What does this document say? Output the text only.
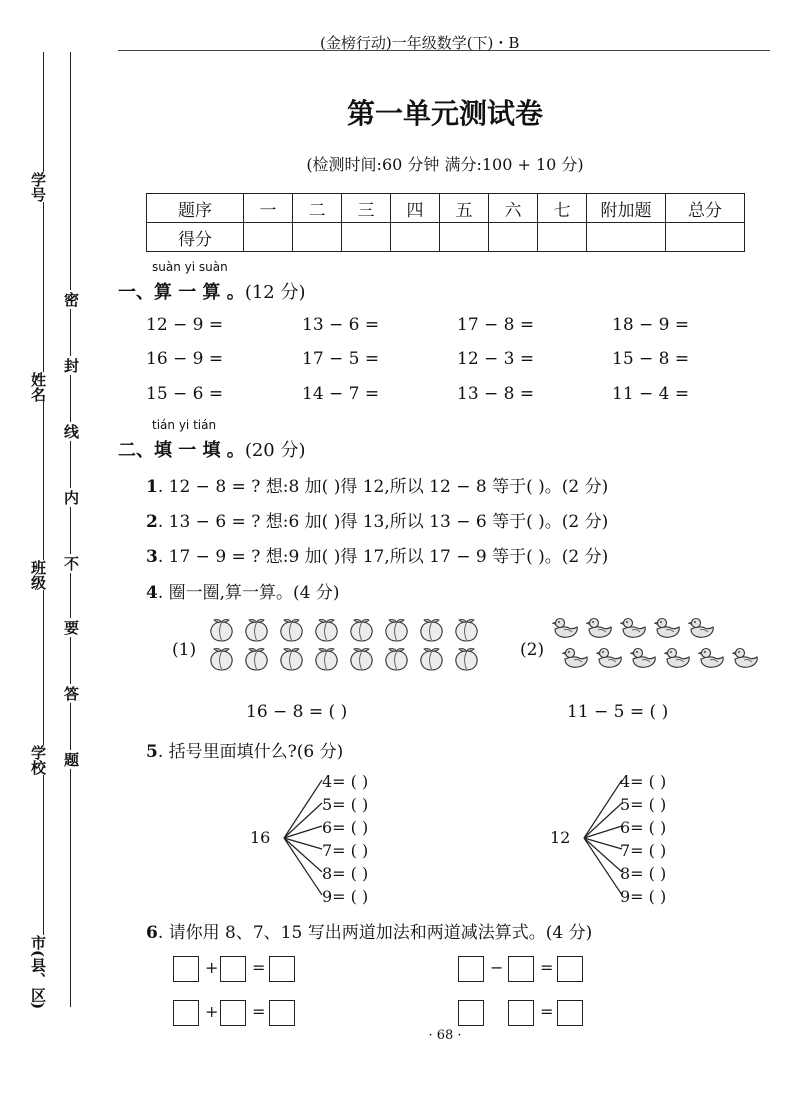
学号
姓名
班级
学校
市(县、区)
密
封
线
内
不
要
答
题
(金榜行动)一年级数学(下)・B
第一单元测试卷
(检测时间:60 分钟 满分:100 + 10 分)
题序	一	二	三	四	五	六	七	附加题	总分
得分									
suàn yi suàn
一、算 一 算 。(12 分)
12 − 9 =	13 − 6 =	17 − 8 =	18 − 9 =
16 − 9 =	17 − 5 =	12 − 3 =	15 − 8 =
15 − 6 =	14 − 7 =	13 − 8 =	11 − 4 =
tián yi tián
二、填 一 填 。(20 分)
1. 12 − 8 = ? 想:8 加( )得 12,所以 12 − 8 等于( )。(2 分)
2. 13 − 6 = ? 想:6 加( )得 13,所以 13 − 6 等于( )。(2 分)
3. 17 − 9 = ? 想:9 加( )得 17,所以 17 − 9 等于( )。(2 分)
4. 圈一圈,算一算。(4 分)
(1)	(2)
16 − 8 = ( )	11 − 5 = ( )
5. 括号里面填什么?(6 分)
16
4= ( )
5= ( )
6= ( )
7= ( )
8= ( )
9= ( )
12
4= ( )
5= ( )
6= ( )
7= ( )
8= ( )
9= ( )
6. 请你用 8、7、15 写出两道加法和两道减法算式。(4 分)
+ =	− =
+ =	=
· 68 ·
